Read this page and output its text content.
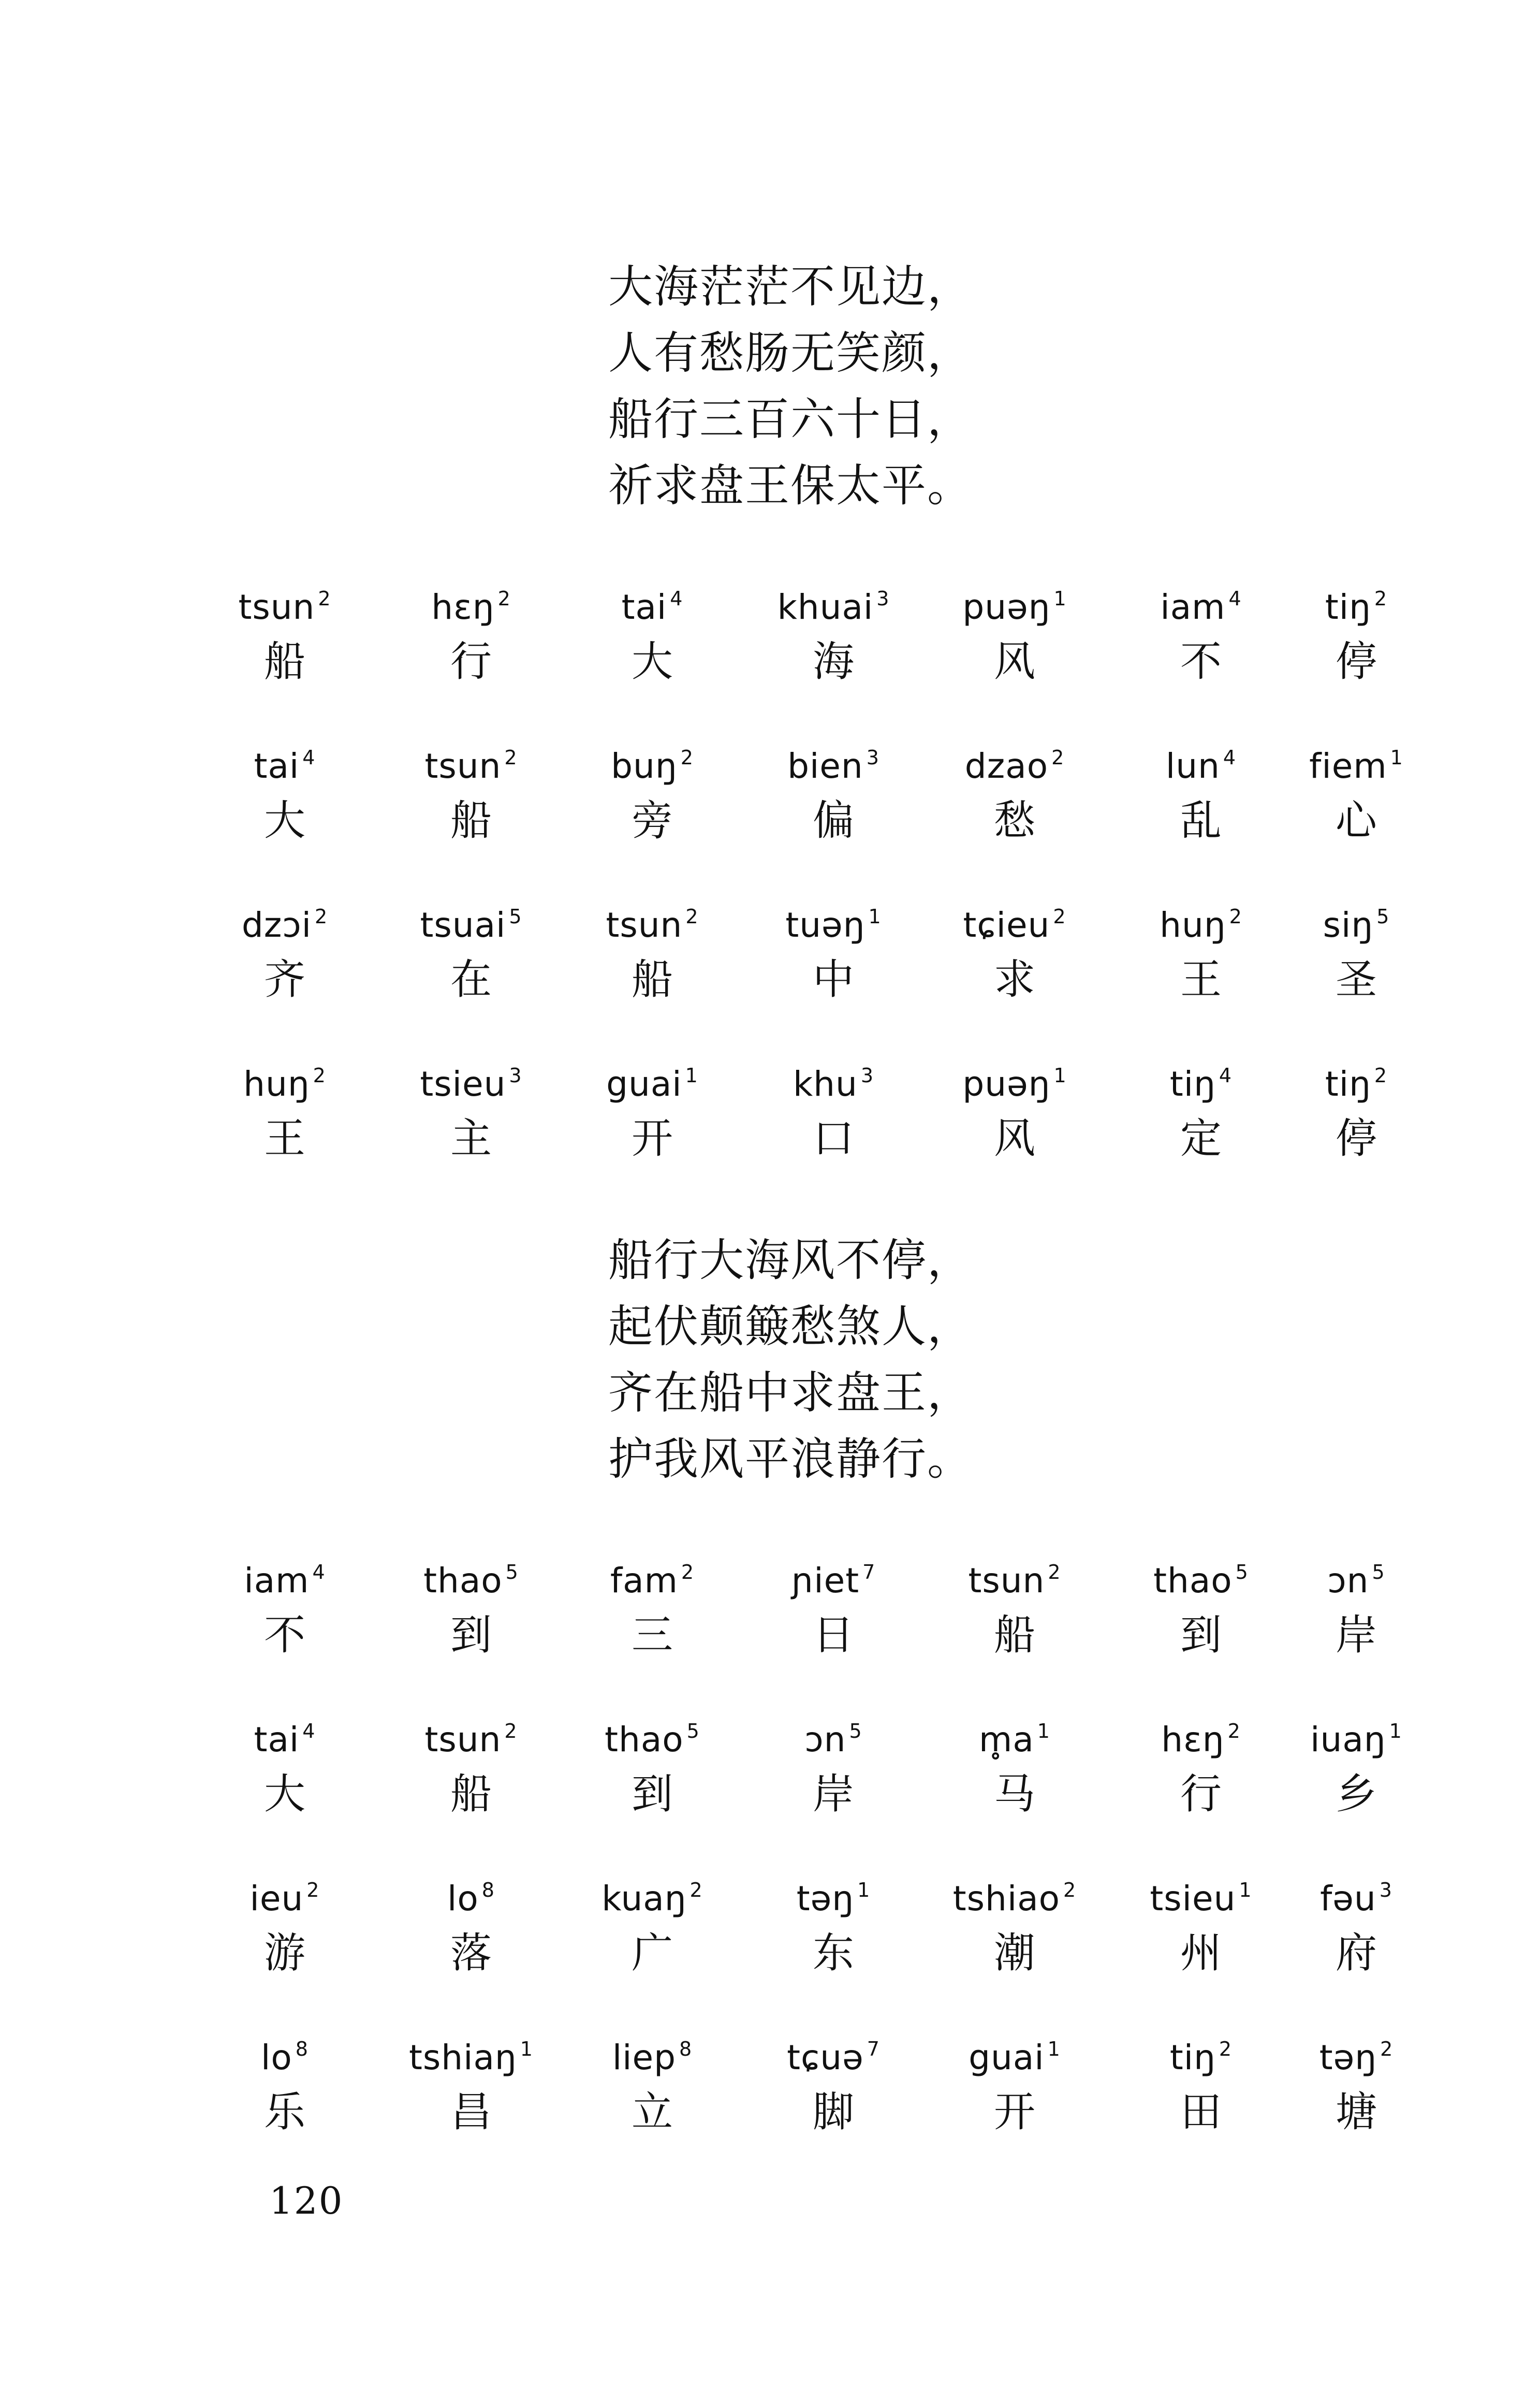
大海茫茫不见边，
人有愁肠无笑颜，
船行三百六十日，
祈求盘王保太平。
tsun $^2$
船
hɛŋ $^2$
行
tai $^4$
大
khuai $^3$
海
puəŋ $^1$
风
iam $^4$
不
tiŋ $^2$
停
tai $^4$
大
tsun $^2$
船
buŋ $^2$
旁
bien $^3$
偏
dzao $^2$
愁
lun $^4$
乱
fiem $^1$
心
dzɔi $^2$
齐
tsuai $^5$
在
tsun $^2$
船
tuəŋ $^1$
中
tɕieu $^2$
求
huŋ $^2$
王
siŋ $^5$
圣
huŋ $^2$
王
tsieu $^3$
主
guai $^1$
开
khu $^3$
口
puəŋ $^1$
风
tiŋ $^4$
定
tiŋ $^2$
停
船行大海风不停，
起伏颠簸愁煞人，
齐在船中求盘王，
护我风平浪静行。
iam $^4$
不
thao $^5$
到
fam $^2$
三
ɲiet $^7$
日
tsun $^2$
船
thao $^5$
到
ɔn $^5$
岸
tai $^4$
大
tsun $^2$
船
thao $^5$
到
ɔn $^5$
岸
m̥a $^1$
马
hɛŋ $^2$
行
iuaŋ $^1$
乡
ieu $^2$
游
lo $^8$
落
kuaŋ $^2$
广
təŋ $^1$
东
tshiao $^2$
潮
tsieu $^1$
州
fəu $^3$
府
lo $^8$
乐
tshiaŋ $^1$
昌
liep $^8$
立
tɕuə $^7$
脚
guai $^1$
开
tiŋ $^2$
田
təŋ $^2$
塘
120
